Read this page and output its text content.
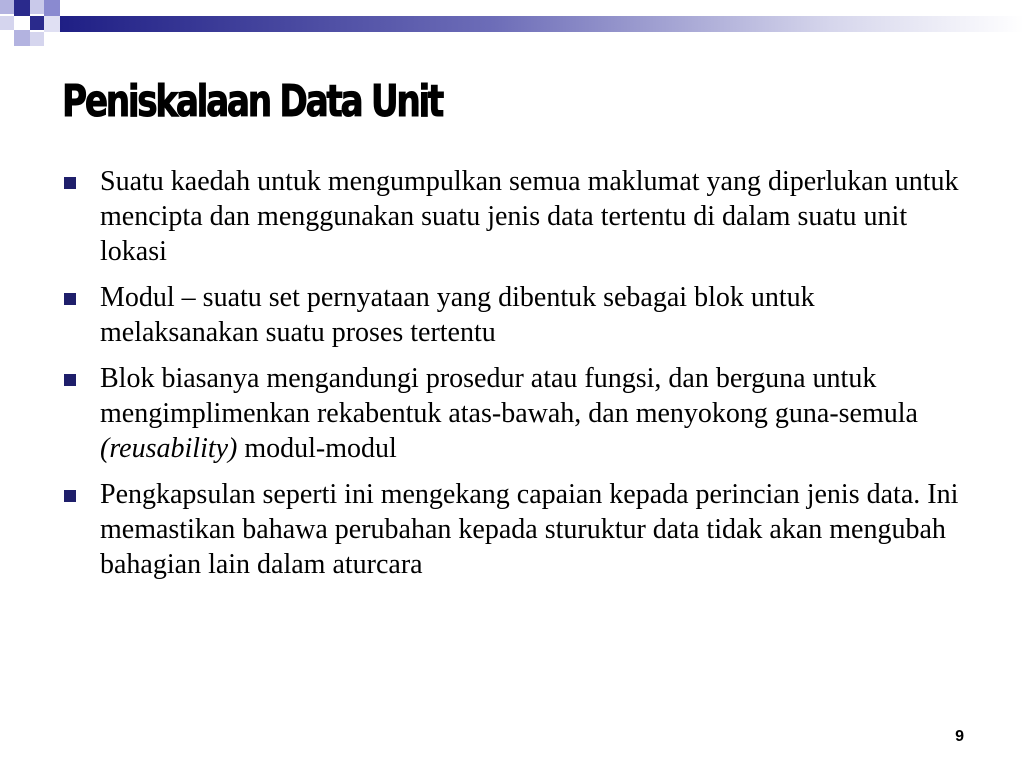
Peniskalaan Data Unit
Suatu kaedah untuk mengumpulkan semua maklumat yang diperlukan untuk mencipta dan menggunakan suatu jenis data tertentu di dalam suatu unit lokasi
Modul – suatu set pernyataan yang dibentuk sebagai blok untuk melaksanakan suatu proses tertentu
Blok biasanya mengandungi prosedur atau fungsi, dan berguna untuk mengimplimenkan rekabentuk atas-bawah, dan menyokong guna-semula (reusability) modul-modul
Pengkapsulan seperti ini mengekang capaian kepada perincian jenis data. Ini memastikan bahawa perubahan kepada sturuktur data tidak akan mengubah bahagian lain dalam aturcara
9
